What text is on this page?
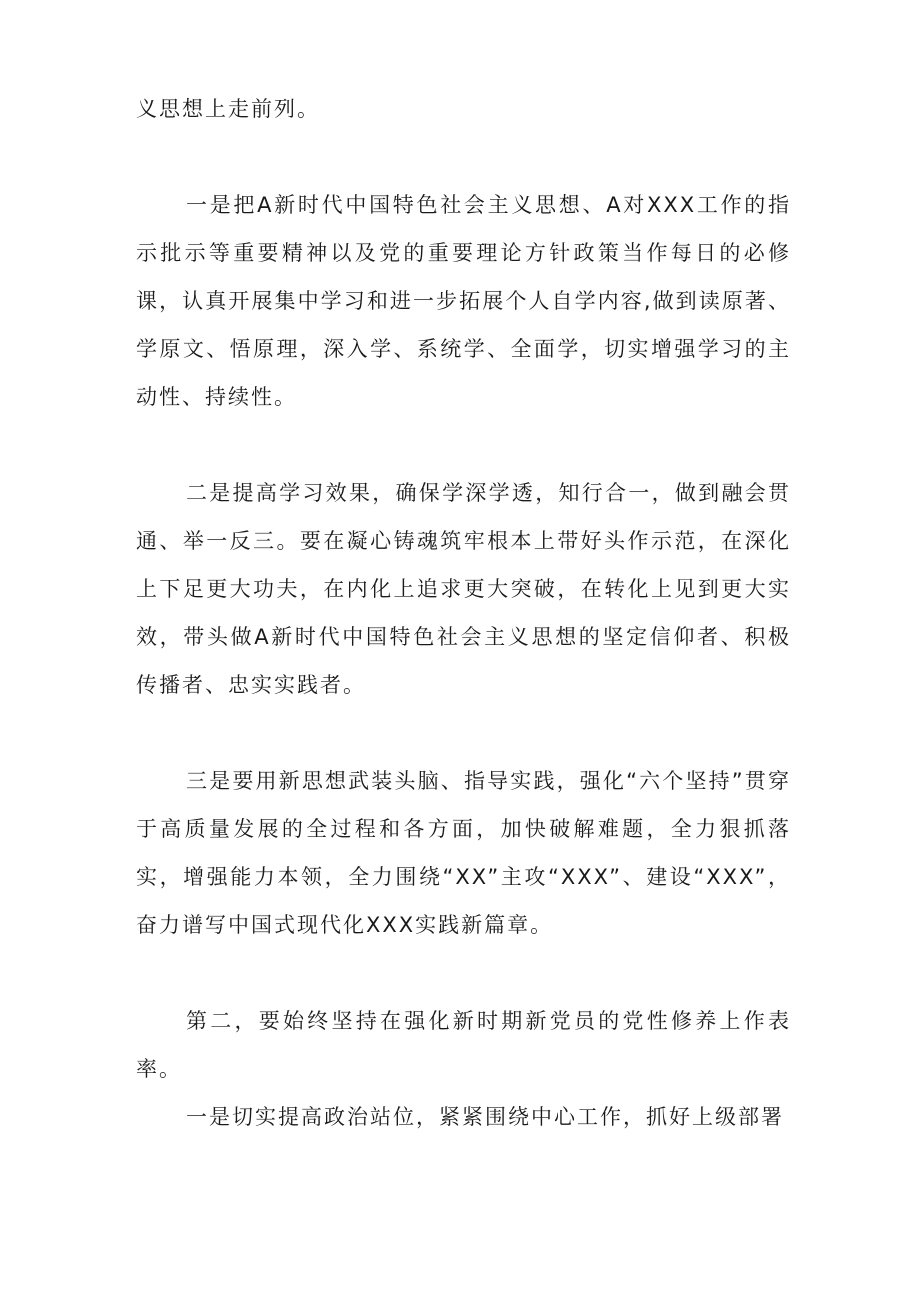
义思想上走前列。

一是把A新时代中国特色社会主义思想、A对XXX工作的指示批示等重要精神以及党的重要理论方针政策当作每日的必修课，认真开展集中学习和进一步拓展个人自学内容,做到读原著、学原文、悟原理，深入学、系统学、全面学，切实增强学习的主动性、持续性。

二是提高学习效果，确保学深学透，知行合一，做到融会贯通、举一反三。要在凝心铸魂筑牢根本上带好头作示范，在深化上下足更大功夫，在内化上追求更大突破，在转化上见到更大实效，带头做A新时代中国特色社会主义思想的坚定信仰者、积极传播者、忠实实践者。

三是要用新思想武装头脑、指导实践，强化“六个坚持”贯穿于高质量发展的全过程和各方面，加快破解难题，全力狠抓落实，增强能力本领，全力围绕“XX”主攻“XXX”、建设“XXX”，奋力谱写中国式现代化XXX实践新篇章。

第二，要始终坚持在强化新时期新党员的党性修养上作表率。

一是切实提高政治站位，紧紧围绕中心工作，抓好上级部署
